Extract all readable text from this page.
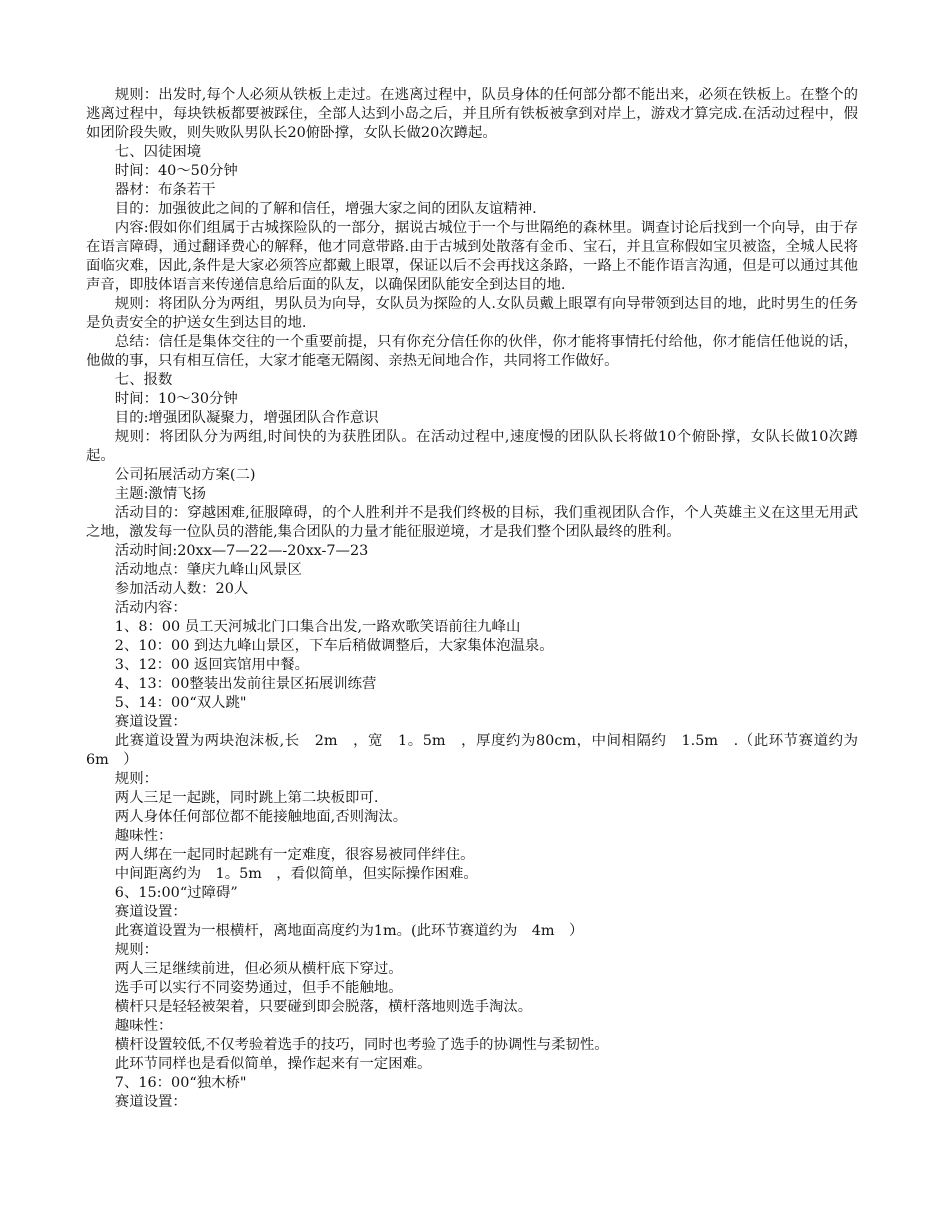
规则：出发时,每个人必须从铁板上走过。在逃离过程中，队员身体的任何部分都不能出来，必须在铁板上。在整个的逃离过程中，每块铁板都要被踩住，全部人达到小岛之后，并且所有铁板被拿到对岸上，游戏才算完成.在活动过程中，假如团阶段失败，则失败队男队长20俯卧撑，女队长做20次蹲起。

七、囚徒困境

时间：40～50分钟

器材：布条若干

目的：加强彼此之间的了解和信任，增强大家之间的团队友谊精神.

内容:假如你们组属于古城探险队的一部分，据说古城位于一个与世隔绝的森林里。调查讨论后找到一个向导，由于存在语言障碍，通过翻译费心的解释，他才同意带路.由于古城到处散落有金币、宝石，并且宣称假如宝贝被盗，全城人民将面临灾难，因此,条件是大家必须答应都戴上眼罩，保证以后不会再找这条路，一路上不能作语言沟通，但是可以通过其他声音，即肢体语言来传递信息给后面的队友，以确保团队能安全到达目的地.

规则：将团队分为两组，男队员为向导，女队员为探险的人.女队员戴上眼罩有向导带领到达目的地，此时男生的任务是负责安全的护送女生到达目的地.

总结：信任是集体交往的一个重要前提，只有你充分信任你的伙伴，你才能将事情托付给他，你才能信任他说的话，他做的事，只有相互信任，大家才能毫无隔阂、亲热无间地合作，共同将工作做好。

七、报数

时间：10～30分钟

目的:增强团队凝聚力，增强团队合作意识

规则：将团队分为两组,时间快的为获胜团队。在活动过程中,速度慢的团队队长将做10个俯卧撑，女队长做10次蹲起。

公司拓展活动方案(二)

主题:激情飞扬

活动目的：穿越困难,征服障碍，的个人胜利并不是我们终极的目标，我们重视团队合作，个人英雄主义在这里无用武之地，激发每一位队员的潜能,集合团队的力量才能征服逆境，才是我们整个团队最终的胜利。

活动时间:20xx—7—22—-20xx-7—23

活动地点：肇庆九峰山风景区

参加活动人数：20人

活动内容：

1、8：00 员工天河城北门口集合出发,一路欢歌笑语前往九峰山

2、10：00 到达九峰山景区，下车后稍做调整后，大家集体泡温泉。

3、12：00 返回宾馆用中餐。

4、13：00整装出发前往景区拓展训练营

5、14：00“双人跳"

赛道设置：

此赛道设置为两块泡沫板,长　2m　，宽　1。5m　，厚度约为80cm，中间相隔约　1.5m　.（此环节赛道约为　6m　）

规则：

两人三足一起跳，同时跳上第二块板即可.

两人身体任何部位都不能接触地面,否则淘汰。

趣味性：

两人绑在一起同时起跳有一定难度，很容易被同伴绊住。

中间距离约为　1。5m　，看似简单，但实际操作困难。

6、15:00“过障碍”

赛道设置：

此赛道设置为一根横杆，离地面高度约为1m。(此环节赛道约为　4m　）

规则：

两人三足继续前进，但必须从横杆底下穿过。

选手可以实行不同姿势通过，但手不能触地。

横杆只是轻轻被架着，只要碰到即会脱落，横杆落地则选手淘汰。

趣味性：

横杆设置较低,不仅考验着选手的技巧，同时也考验了选手的协调性与柔韧性。

此环节同样也是看似简单，操作起来有一定困难。

7、16：00“独木桥"

赛道设置：
